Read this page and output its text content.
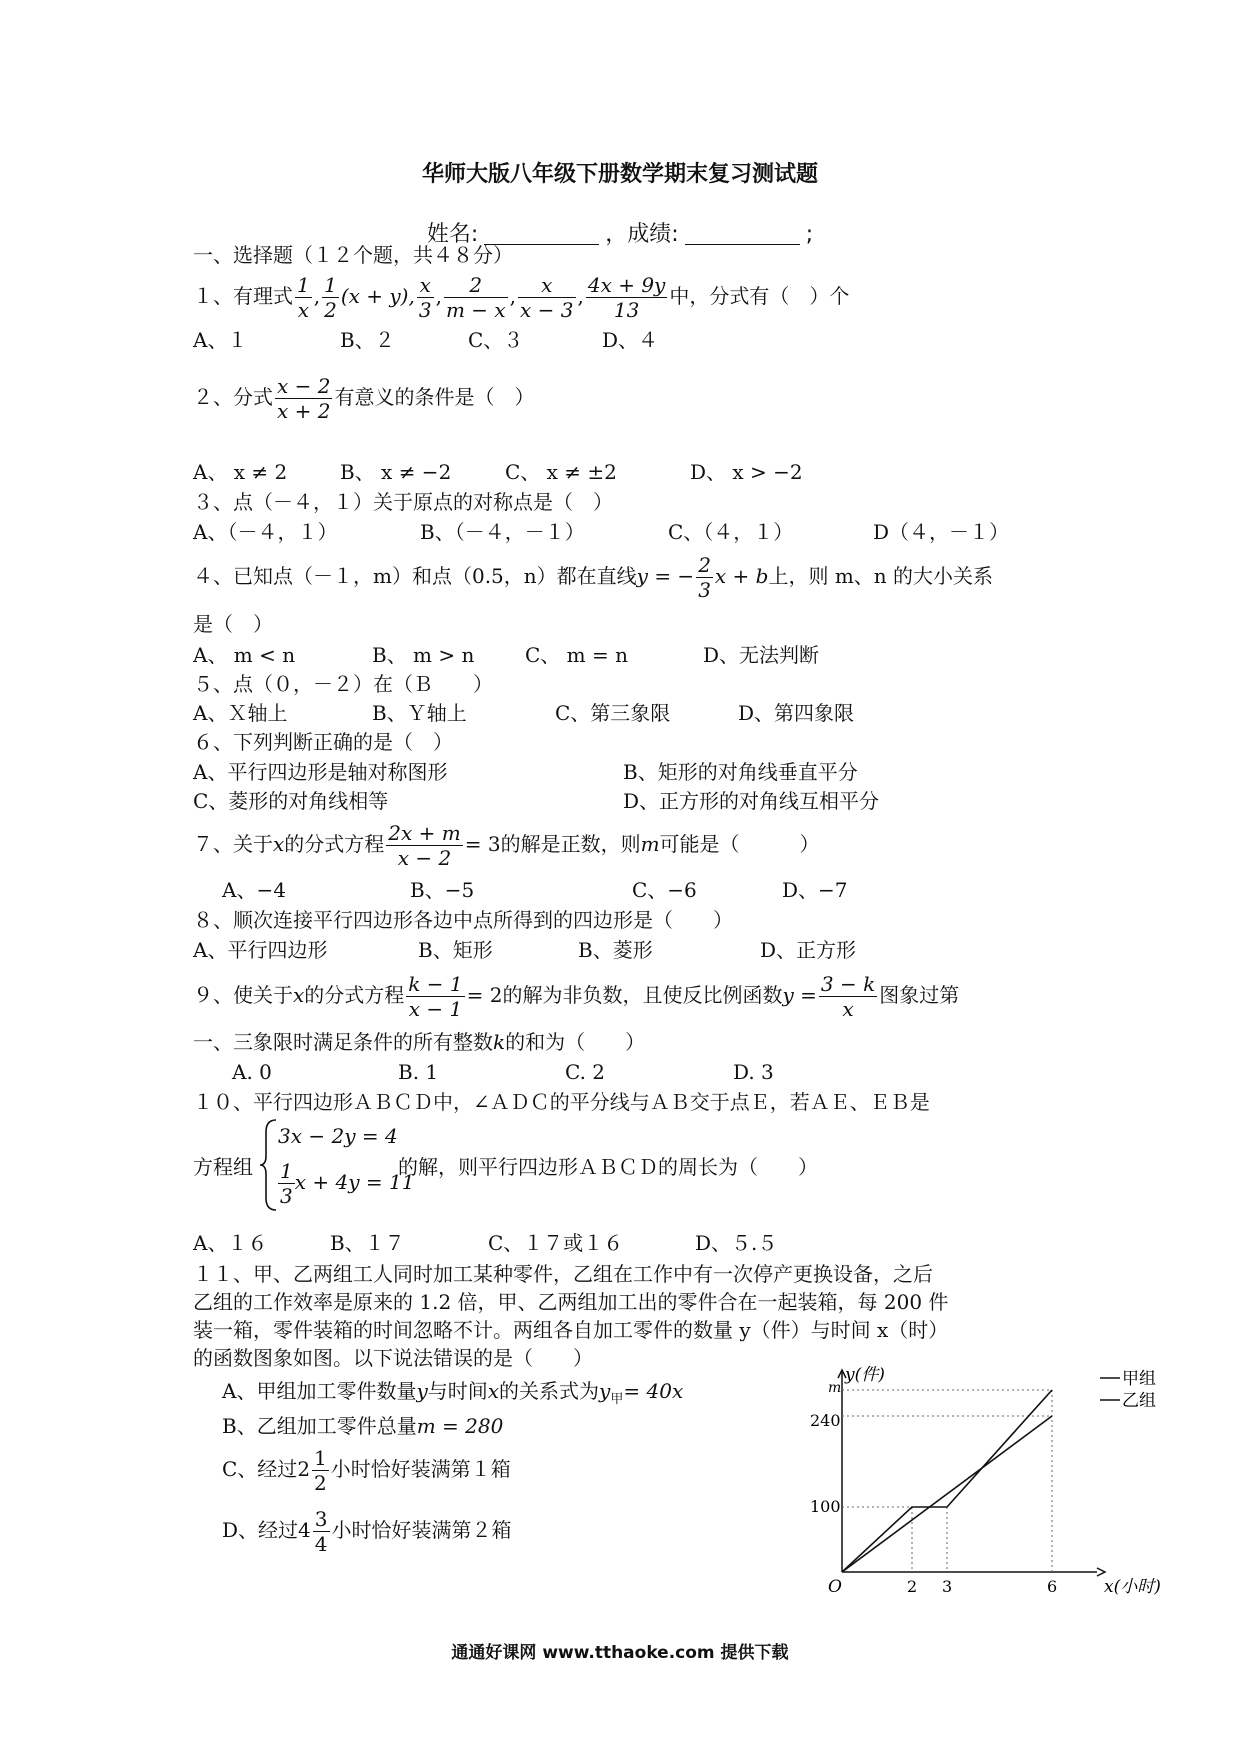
华师大版八年级下册数学期末复习测试题
姓名:	，成绩:	;
一、选择题（１２个题，共４８分）
１、有理式 $\frac{1}{x}$ , $\frac{1}{2} (x + y)$, $\frac{x}{3}$ , $\frac{2}{m - x}$ , $\frac{x}{x - 3}$ , $\frac{4x + 9y}{13}$ 中，分式有（　）个
A、１	B、２	C、３	D、４
２、分式 $\frac{x - 2}{x + 2}$ 有意义的条件是（　）
A、 x ≠ 2	B、 x ≠ −2	C、 x ≠ ±2	D、 x > −2
３、点（－４，１）关于原点的对称点是（　）
A、（－４，１）	B、（－４，－１）	C、（４，１）	D（４，－１）
４、已知点（－１，m）和点（0.5，n）都在直线y = − $\frac{2}{3}$ x + b上，则 m、n 的大小关系
是（　）
A、 m < n	B、 m > n	C、 m = n	D、无法判断
５、点（０，－２）在（Ｂ　　）
A、Ｘ轴上	B、Ｙ轴上	C、第三象限	D、第四象限
６、下列判断正确的是（　）
A、平行四边形是轴对称图形	B、矩形的对角线垂直平分
C、菱形的对角线相等	D、正方形的对角线互相平分
７、关于x的分式方程 $\frac{2x + m}{x - 2} = 3$的解是正数，则m可能是（　　　）
A、−4	B、−5	C、−6	D、−7
８、顺次连接平行四边形各边中点所得到的四边形是（　　）
A、平行四边形	B、矩形	B、菱形	D、正方形
９、使关于x的分式方程 $\frac{k - 1}{x - 1} = 2$的解为非负数，且使反比例函数$y = \frac{3 - k}{x}$ 图象过第
一、三象限时满足条件的所有整数k的和为（　　）
A. 0	B. 1	C. 2	D. 3
１０、平行四边形ＡＢＣＤ中，∠ＡＤＣ的平分线与ＡＢ交于点Ｅ，若ＡＥ、ＥＢ是
方程组
3x − 2y = 4
$\frac{1}{3}$ x + 4y = 11
的解，则平行四边形ＡＢＣＤ的周长为（　　）
A、１６	B、１７	C、１７或１６	D、５.５
１１、甲、乙两组工人同时加工某种零件，乙组在工作中有一次停产更换设备，之后
乙组的工作效率是原来的 1.2 倍，甲、乙两组加工出的零件合在一起装箱，每 200 件
装一箱，零件装箱的时间忽略不计。两组各自加工零件的数量 y（件）与时间 x（时）
的函数图象如图。以下说法错误的是（　　）
A、甲组加工零件数量y与时间x的关系式为$y_甲= 40x$
B、乙组加工零件总量m = 280
C、经过$2 \frac{1}{2}$ 小时恰好装满第１箱
D、经过$4 \frac{3}{4}$ 小时恰好装满第２箱
y(件)
x(小时)
O	2 3	6
100
240
m	甲组
乙组
通通好课网 www.tthaoke.com 提供下载
